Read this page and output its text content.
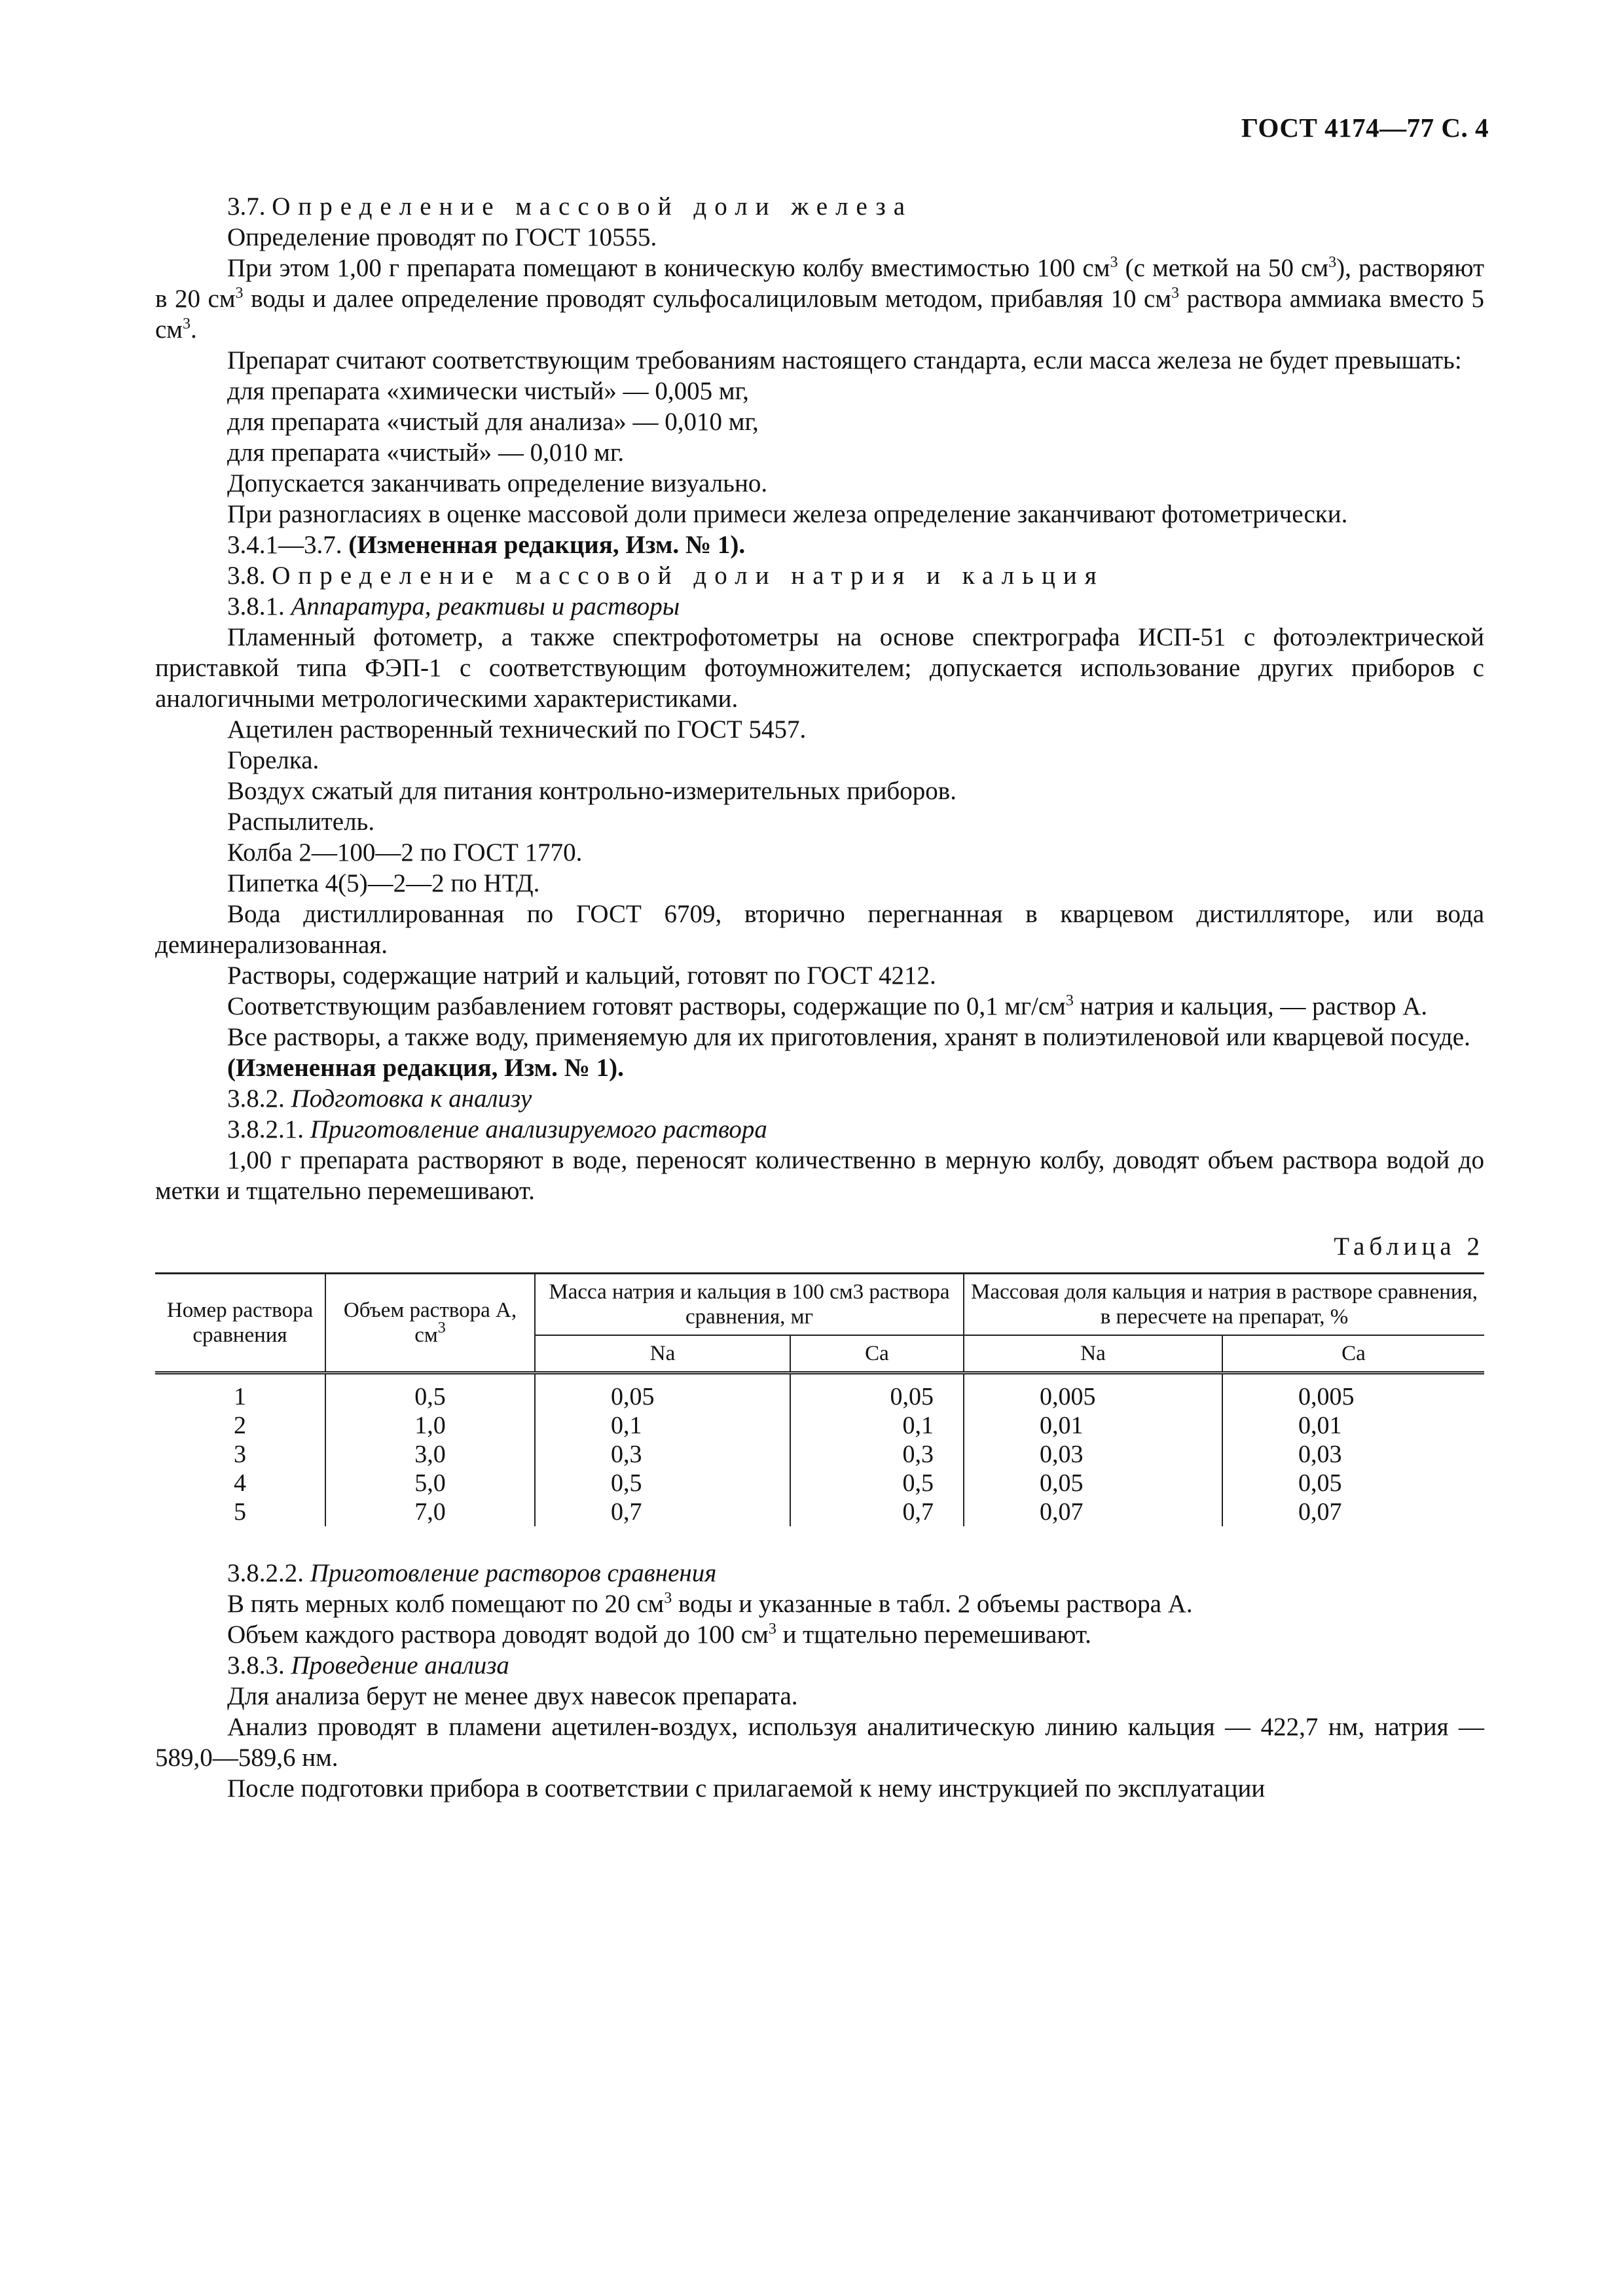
ГОСТ 4174—77 С. 4

3.7. Определение массовой доли железа

Определение проводят по ГОСТ 10555.

При этом 1,00 г препарата помещают в коническую колбу вместимостью 100 $см^3$ (с меткой на 50 $см^3$), растворяют в 20 $см^3$ воды и далее определение проводят сульфосалициловым методом, прибавляя 10 $см^3$ раствора аммиака вместо 5 $см^3$.

Препарат считают соответствующим требованиям настоящего стандарта, если масса железа не будет превышать:

для препарата «химически чистый» — 0,005 мг,

для препарата «чистый для анализа» — 0,010 мг,

для препарата «чистый» — 0,010 мг.

Допускается заканчивать определение визуально.

При разногласиях в оценке массовой доли примеси железа определение заканчивают фотометрически.

3.4.1—3.7. (Измененная редакция, Изм. № 1).

3.8. Определение массовой доли натрия и кальция

3.8.1. Аппаратура, реактивы и растворы

Пламенный фотометр, а также спектрофотометры на основе спектрографа ИСП-51 с фотоэлектрической приставкой типа ФЭП-1 с соответствующим фотоумножителем; допускается использование других приборов с аналогичными метрологическими характеристиками.

Ацетилен растворенный технический по ГОСТ 5457.

Горелка.

Воздух сжатый для питания контрольно-измерительных приборов.

Распылитель.

Колба 2—100—2 по ГОСТ 1770.

Пипетка 4(5)—2—2 по НТД.

Вода дистиллированная по ГОСТ 6709, вторично перегнанная в кварцевом дистилляторе, или вода деминерализованная.

Растворы, содержащие натрий и кальций, готовят по ГОСТ 4212.

Соответствующим разбавлением готовят растворы, содержащие по 0,1 $мг/см^3$ натрия и кальция, — раствор А.

Все растворы, а также воду, применяемую для их приготовления, хранят в полиэтиленовой или кварцевой посуде.

(Измененная редакция, Изм. № 1).

3.8.2. Подготовка к анализу

3.8.2.1. Приготовление анализируемого раствора

1,00 г препарата растворяют в воде, переносят количественно в мерную колбу, доводят объем раствора водой до метки и тщательно перемешивают.

Таблица 2
Номер раствора сравнения	Объем раствора А, $см^3$	Масса натрия и кальция в 100 см3 раствора сравнения, мг		Массовая доля кальция и натрия в растворе сравнения, в пересчете на препарат, %	
		Na	Ca	Na	Ca
1	0,5	0,05	0,05	0,005	0,005
2	1,0	0,1	0,1	0,01	0,01
3	3,0	0,3	0,3	0,03	0,03
4	5,0	0,5	0,5	0,05	0,05
5	7,0	0,7	0,7	0,07	0,07

3.8.2.2. Приготовление растворов сравнения

В пять мерных колб помещают по 20 $см^3$ воды и указанные в табл. 2 объемы раствора А.

Объем каждого раствора доводят водой до 100 $см^3$ и тщательно перемешивают.

3.8.3. Проведение анализа

Для анализа берут не менее двух навесок препарата.

Анализ проводят в пламени ацетилен-воздух, используя аналитическую линию кальция — 422,7 нм, натрия — 589,0—589,6 нм.

После подготовки прибора в соответствии с прилагаемой к нему инструкцией по эксплуатации
